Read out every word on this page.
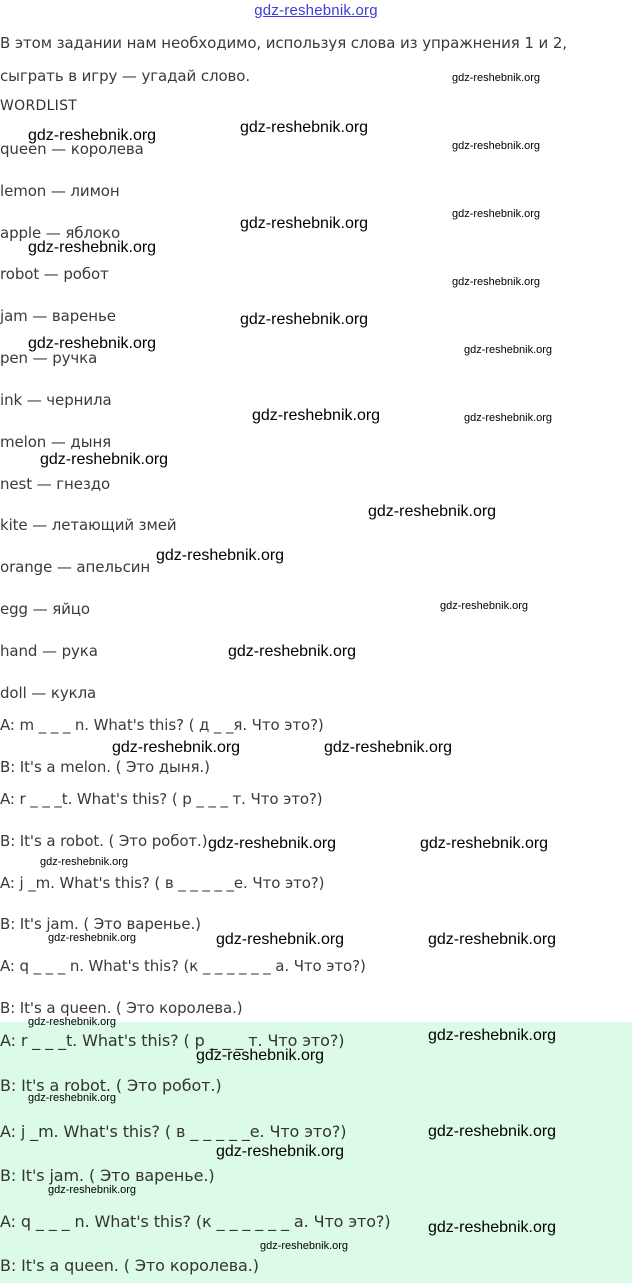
gdz-reshebnik.org
В этом задании нам необходимо, используя слова из упражнения 1 и 2,
сыграть в игру — угадай слово.
WORDLIST
queen — королева
lemon — лимон
apple — яблоко
robot — робот
jam — варенье
pen — ручка
ink — чернила
melon — дыня
nest — гнездо
kite — летающий змей
orange — апельсин
egg — яйцо
hand — рука
doll — кукла
A: m _ _ _ n. What's this? ( д _ _я. Что это?)
B: It's a melon. ( Это дыня.)
A: r _ _ _t. What's this? ( р _ _ _ т. Что это?)
B: It's a robot. ( Это робот.)
A: j _m. What's this? ( в _ _ _ _ _е. Что это?)
B: It's jam. ( Это варенье.)
A: q _ _ _ n. What's this? (к _ _ _ _ _ _ а. Что это?)
B: It's a queen. ( Это королева.)
A: r _ _ _t. What's this? ( р _ _ _ т. Что это?)
B: It's a robot. ( Это робот.)
A: j _m. What's this? ( в _ _ _ _ _е. Что это?)
B: It's jam. ( Это варенье.)
A: q _ _ _ n. What's this? (к _ _ _ _ _ _ а. Что это?)
B: It's a queen. ( Это королева.)
gdz-reshebnik.org
gdz-reshebnik.org
gdz-reshebnik.org
gdz-reshebnik.org
gdz-reshebnik.org
gdz-reshebnik.org
gdz-reshebnik.org
gdz-reshebnik.org
gdz-reshebnik.org
gdz-reshebnik.org	gdz-reshebnik.org
gdz-reshebnik.org	gdz-reshebnik.org
gdz-reshebnik.org
gdz-reshebnik.org
gdz-reshebnik.org
gdz-reshebnik.org
gdz-reshebnik.org
gdz-reshebnik.org	gdz-reshebnik.org
gdz-reshebnik.org	gdz-reshebnik.org
gdz-reshebnik.org
gdz-reshebnik.org	gdz-reshebnik.org	gdz-reshebnik.org
gdz-reshebnik.org
gdz-reshebnik.org
gdz-reshebnik.org
gdz-reshebnik.org
gdz-reshebnik.org
gdz-reshebnik.org
gdz-reshebnik.org
gdz-reshebnik.org
gdz-reshebnik.org
